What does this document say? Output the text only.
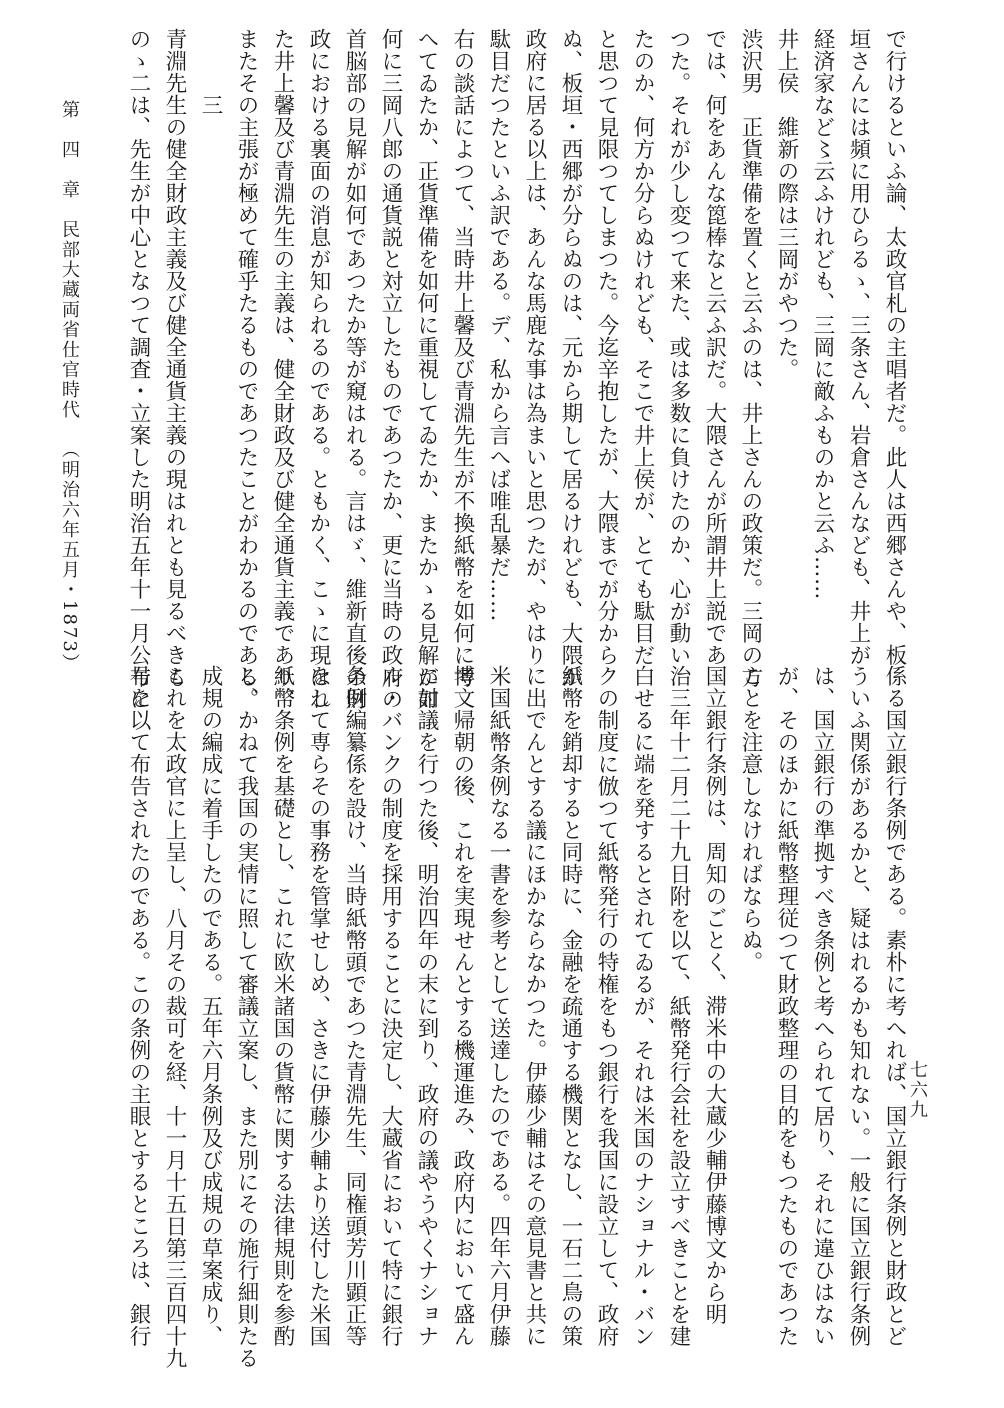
第　四　章民部大蔵両省仕官時代（明治六年五月・1873）	で行けるといふ論、太政官札の主唱者だ。此人は西郷さんや、板
垣さんには頻に用ひらるゝ、三条さん、岩倉さんなども、井上が
経済家など〻云ふけれども、三岡に敵ふものかと云ふ……
井上侯　維新の際は三岡がやつた。
渋沢男　正貨準備を置くと云ふのは、井上さんの政策だ。三岡の方
では、何をあんな箆棒なと云ふ訳だ。大隈さんが所謂井上説であ
つた。それが少し変つて来た、或は多数に負けたのか、心が動い
たのか、何方か分らぬけれども、そこで井上侯が、とても駄目だ
と思つて見限つてしまつた。今迄辛抱したが、大隈までが分から
ぬ、板垣・西郷が分らぬのは、元から期して居るけれども、大隈が
政府に居る以上は、あんな馬鹿な事は為まいと思つたが、やはり
駄目だつたといふ訳である。デ、私から言へば唯乱暴だ……
右の談話によつて、当時井上馨及び青淵先生が不換紙幣を如何に考
へてゐたか、正貨準備を如何に重視してゐたか、またかゝる見解が如
何に三岡八郎の通貨説と対立したものであつたか、更に当時の政府の
首脳部の見解が如何であつたか等が窺はれる。言はゞ、維新直後の財
政における裏面の消息が知られるのである。ともかく、こゝに現はれ
た井上馨及び青淵先生の主義は、健全財政及び健全通貨主義であり、
またその主張が極めて確乎たるものであつたことがわかるのである。
　　　三
青淵先生の健全財政主義及び健全通貨主義の現はれとも見るべきも
のゝ二は、先生が中心となつて調査・立案した明治五年十一月公布に
係る国立銀行条例である。素朴に考へれば、国立銀行条例と財政とど
ういふ関係があるかと、疑はれるかも知れない。一般に国立銀行条例
は、国立銀行の準拠すべき条例と考へられて居り、それに違ひはない
が、そのほかに紙幣整理従つて財政整理の目的をもつたものであつた
ことを注意しなければならぬ。
国立銀行条例は、周知のごとく、滞米中の大蔵少輔伊藤博文から明
治三年十二月二十九日附を以て、紙幣発行会社を設立すべきことを建
白せるに端を発するとされてゐるが、それは米国のナショナル・バン
クの制度に倣つて紙幣発行の特権をもつ銀行を我国に設立して、政府
紙幣を銷却すると同時に、金融を疏通する機関となし、一石二鳥の策
に出でんとする議にほかならなかつた。伊藤少輔はその意見書と共に
米国紙幣条例なる一書を参考として送達したのである。四年六月伊藤
博文帰朝の後、これを実現せんとする機運進み、政府内において盛ん
に討議を行つた後、明治四年の末に到り、政府の議やうやくナショナ
ル・バンクの制度を採用することに決定し、大蔵省において特に銀行
条例編纂係を設け、当時紙幣頭であつた青淵先生、同権頭芳川顕正等
をして専らその事務を管掌せしめ、さきに伊藤少輔より送付した米国
紙幣条例を基礎とし、これに欧米諸国の貨幣に関する法律規則を参酌
し、かねて我国の実情に照して審議立案し、また別にその施行細則たる
成規の編成に着手したのである。五年六月条例及び成規の草案成り、
これを太政官に上呈し、八月その裁可を経、十一月十五日第三百四十九
号を以て布告されたのである。この条例の主眼とするところは、銀行	七六九
